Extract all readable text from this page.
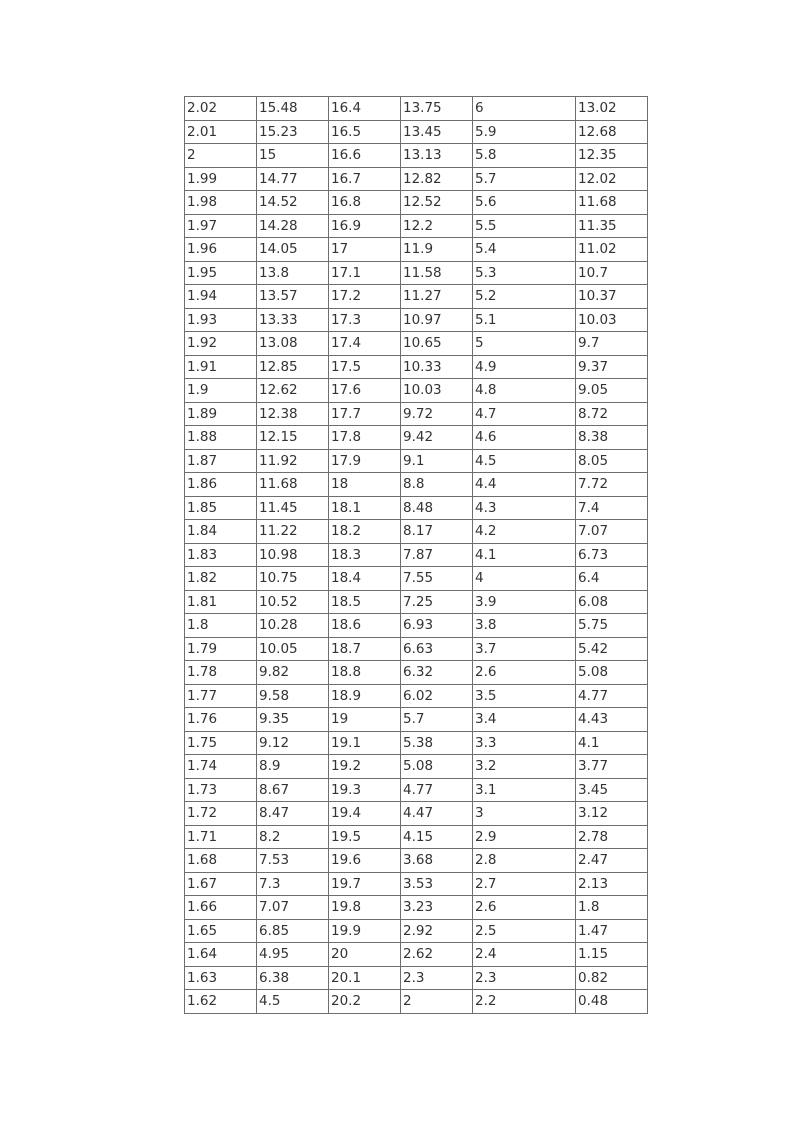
2.02	15.48	16.4	13.75	6	13.02
2.01	15.23	16.5	13.45	5.9	12.68
2	15	16.6	13.13	5.8	12.35
1.99	14.77	16.7	12.82	5.7	12.02
1.98	14.52	16.8	12.52	5.6	11.68
1.97	14.28	16.9	12.2	5.5	11.35
1.96	14.05	17	11.9	5.4	11.02
1.95	13.8	17.1	11.58	5.3	10.7
1.94	13.57	17.2	11.27	5.2	10.37
1.93	13.33	17.3	10.97	5.1	10.03
1.92	13.08	17.4	10.65	5	9.7
1.91	12.85	17.5	10.33	4.9	9.37
1.9	12.62	17.6	10.03	4.8	9.05
1.89	12.38	17.7	9.72	4.7	8.72
1.88	12.15	17.8	9.42	4.6	8.38
1.87	11.92	17.9	9.1	4.5	8.05
1.86	11.68	18	8.8	4.4	7.72
1.85	11.45	18.1	8.48	4.3	7.4
1.84	11.22	18.2	8.17	4.2	7.07
1.83	10.98	18.3	7.87	4.1	6.73
1.82	10.75	18.4	7.55	4	6.4
1.81	10.52	18.5	7.25	3.9	6.08
1.8	10.28	18.6	6.93	3.8	5.75
1.79	10.05	18.7	6.63	3.7	5.42
1.78	9.82	18.8	6.32	2.6	5.08
1.77	9.58	18.9	6.02	3.5	4.77
1.76	9.35	19	5.7	3.4	4.43
1.75	9.12	19.1	5.38	3.3	4.1
1.74	8.9	19.2	5.08	3.2	3.77
1.73	8.67	19.3	4.77	3.1	3.45
1.72	8.47	19.4	4.47	3	3.12
1.71	8.2	19.5	4.15	2.9	2.78
1.68	7.53	19.6	3.68	2.8	2.47
1.67	7.3	19.7	3.53	2.7	2.13
1.66	7.07	19.8	3.23	2.6	1.8
1.65	6.85	19.9	2.92	2.5	1.47
1.64	4.95	20	2.62	2.4	1.15
1.63	6.38	20.1	2.3	2.3	0.82
1.62	4.5	20.2	2	2.2	0.48
